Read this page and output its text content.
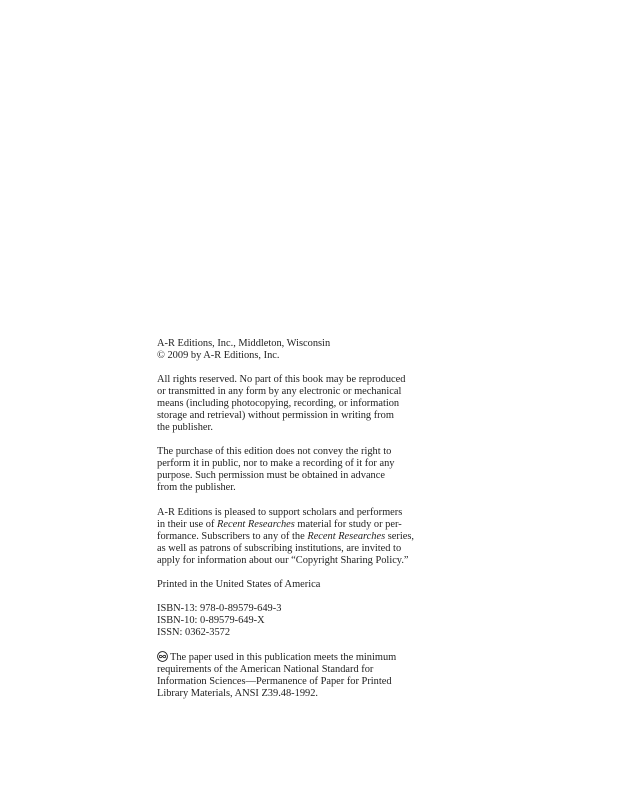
A-R Editions, Inc., Middleton, Wisconsin
© 2009 by A-R Editions, Inc.
All rights reserved. No part of this book may be reproduced
or transmitted in any form by any electronic or mechanical
means (including photocopying, recording, or information
storage and retrieval) without permission in writing from
the publisher.
The purchase of this edition does not convey the right to
perform it in public, nor to make a recording of it for any
purpose. Such permission must be obtained in advance
from the publisher.
A-R Editions is pleased to support scholars and performers
in their use of Recent Researches material for study or per-
formance. Subscribers to any of the Recent Researches series,
as well as patrons of subscribing institutions, are invited to
apply for information about our “Copyright Sharing Policy.”
Printed in the United States of America
ISBN-13: 978-0-89579-649-3
ISBN-10: 0-89579-649-X
ISSN: 0362-3572
The paper used in this publication meets the minimum
requirements of the American National Standard for
Information Sciences—Permanence of Paper for Printed
Library Materials, ANSI Z39.48-1992.
